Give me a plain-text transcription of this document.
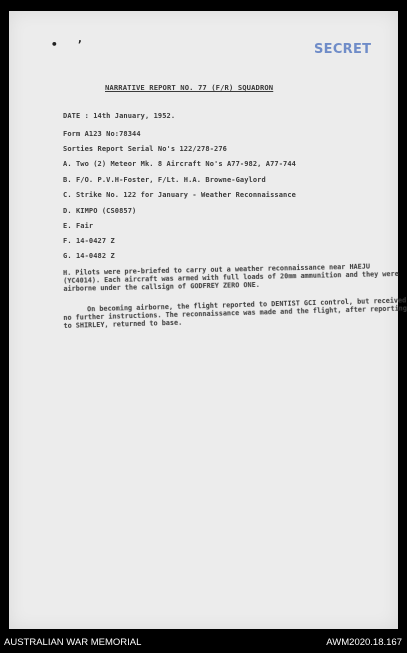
• ʼ	SECRET
NARRATIVE REPORT NO. 77 (F/R) SQUADRON
DATE : 14th January, 1952.
Form A123 No:78344
Sorties Report Serial No's 122/278-276
A. Two (2) Meteor Mk. 8 Aircraft No's A77-982, A77-744
B. F/O. P.V.H-Foster, F/Lt. H.A. Browne-Gaylord
C. Strike No. 122 for January - Weather Reconnaissance
D. KIMPO (CS0857)
E. Fair
F. 14-0427 Z
G. 14-0482 Z
H. Pilots were pre-briefed to carry out a weather reconnaissance near HAEJU (YC4014). Each aircraft was armed with full loads of 20mm ammunition and they were airborne under the callsign of GODFREY ZERO ONE.
On becoming airborne, the flight reported to DENTIST GCI control, but received no further instructions. The reconnaissance was made and the flight, after reporting to SHIRLEY, returned to base.
AUSTRALIAN WAR MEMORIAL	AWM2020.18.167
